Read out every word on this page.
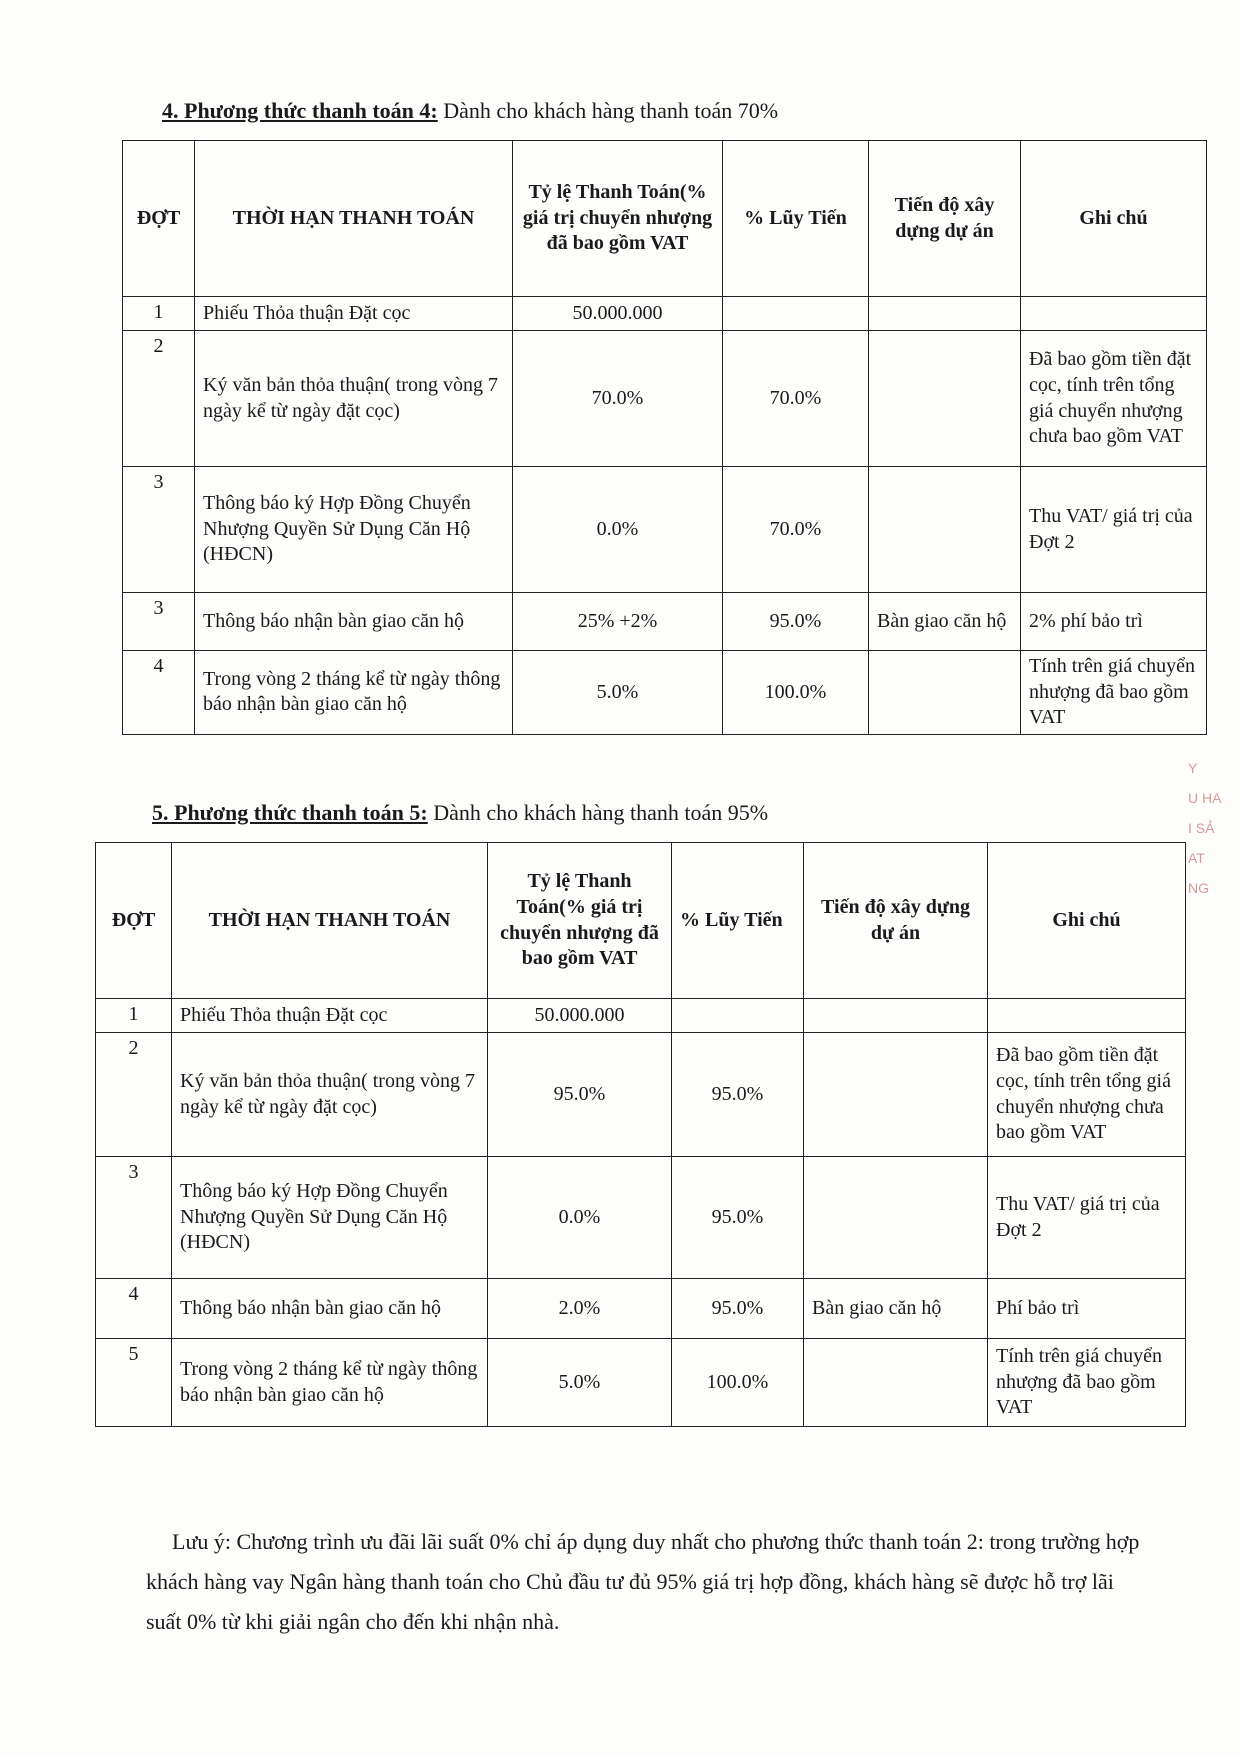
4. Phương thức thanh toán 4: Dành cho khách hàng thanh toán 70%
ĐỢT	THỜI HẠN THANH TOÁN	Tỷ lệ Thanh Toán(% giá trị chuyển nhượng đã bao gồm VAT	% Lũy Tiến	Tiến độ xây dựng dự án	Ghi chú
1	Phiếu Thỏa thuận Đặt cọc	50.000.000			
2	Ký văn bản thỏa thuận( trong vòng 7 ngày kể từ ngày đặt cọc)	70.0%	70.0%		Đã bao gồm tiền đặt cọc, tính trên tổng giá chuyển nhượng chưa bao gồm VAT
3	Thông báo ký Hợp Đồng Chuyển Nhượng Quyền Sử Dụng Căn Hộ (HĐCN)	0.0%	70.0%		Thu VAT/ giá trị của Đợt 2
3	Thông báo nhận bàn giao căn hộ	25% +2%	95.0%	Bàn giao căn hộ	2% phí bảo trì
4	Trong vòng 2 tháng kể từ ngày thông báo nhận bàn giao căn hộ	5.0%	100.0%		Tính trên giá chuyển nhượng đã bao gồm VAT
5. Phương thức thanh toán 5: Dành cho khách hàng thanh toán 95%
ĐỢT	THỜI HẠN THANH TOÁN	Tỷ lệ Thanh Toán(% giá trị chuyển nhượng đã bao gồm VAT	% Lũy Tiến	Tiến độ xây dựng dự án	Ghi chú
1	Phiếu Thỏa thuận Đặt cọc	50.000.000			
2	Ký văn bản thỏa thuận( trong vòng 7 ngày kể từ ngày đặt cọc)	95.0%	95.0%		Đã bao gồm tiền đặt cọc, tính trên tổng giá chuyển nhượng chưa bao gồm VAT
3	Thông báo ký Hợp Đồng Chuyển Nhượng Quyền Sử Dụng Căn Hộ (HĐCN)	0.0%	95.0%		Thu VAT/ giá trị của Đợt 2
4	Thông báo nhận bàn giao căn hộ	2.0%	95.0%	Bàn giao căn hộ	Phí bảo trì
5	Trong vòng 2 tháng kể từ ngày thông báo nhận bàn giao căn hộ	5.0%	100.0%		Tính trên giá chuyển nhượng đã bao gồm VAT

Lưu ý: Chương trình ưu đãi lãi suất 0% chỉ áp dụng duy nhất cho phương thức thanh toán 2: trong trường hợp khách hàng vay Ngân hàng thanh toán cho Chủ đầu tư đủ 95% giá trị hợp đồng, khách hàng sẽ được hỗ trợ lãi suất 0% từ khi giải ngân cho đến khi nhận nhà.

Y
U HA
I SẢ
AT
NG
